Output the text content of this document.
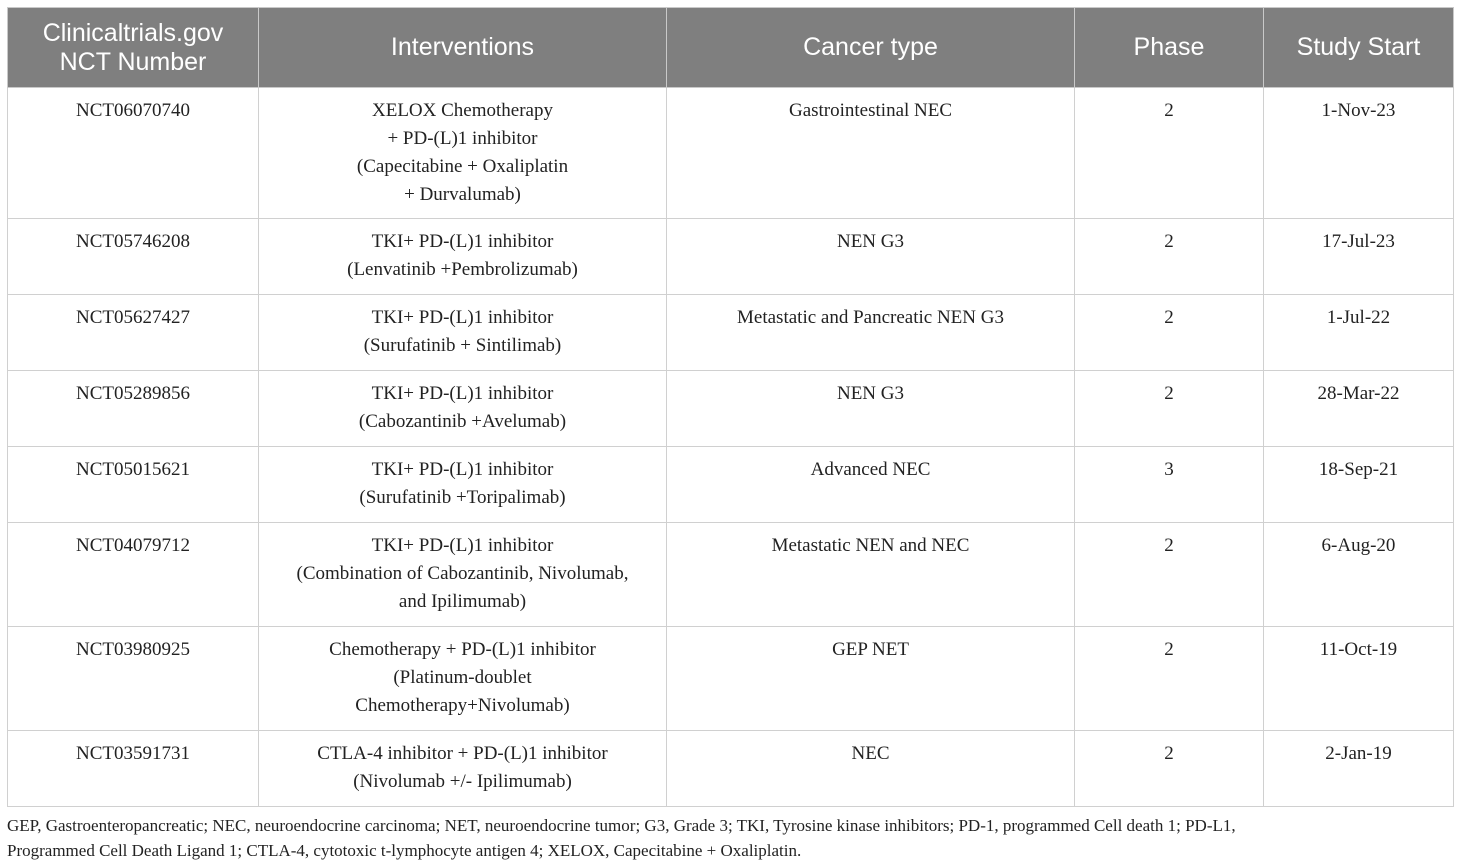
Clinicaltrials.gov
NCT Number	Interventions	Cancer type	Phase	Study Start
NCT06070740	XELOX Chemotherapy
+ PD-(L)1 inhibitor
(Capecitabine + Oxaliplatin
+ Durvalumab)	Gastrointestinal NEC	2	1-Nov-23
NCT05746208	TKI+ PD-(L)1 inhibitor
(Lenvatinib +Pembrolizumab)	NEN G3	2	17-Jul-23
NCT05627427	TKI+ PD-(L)1 inhibitor
(Surufatinib + Sintilimab)	Metastatic and Pancreatic NEN G3	2	1-Jul-22
NCT05289856	TKI+ PD-(L)1 inhibitor
(Cabozantinib +Avelumab)	NEN G3	2	28-Mar-22
NCT05015621	TKI+ PD-(L)1 inhibitor
(Surufatinib +Toripalimab)	Advanced NEC	3	18-Sep-21
NCT04079712	TKI+ PD-(L)1 inhibitor
(Combination of Cabozantinib, Nivolumab,
and Ipilimumab)	Metastatic NEN and NEC	2	6-Aug-20
NCT03980925	Chemotherapy + PD-(L)1 inhibitor
(Platinum-doublet
Chemotherapy+Nivolumab)	GEP NET	2	11-Oct-19
NCT03591731	CTLA-4 inhibitor + PD-(L)1 inhibitor
(Nivolumab +/- Ipilimumab)	NEC	2	2-Jan-19
GEP, Gastroenteropancreatic; NEC, neuroendocrine carcinoma; NET, neuroendocrine tumor; G3, Grade 3; TKI, Tyrosine kinase inhibitors; PD-1, programmed Cell death 1; PD-L1,
Programmed Cell Death Ligand 1; CTLA-4, cytotoxic t-lymphocyte antigen 4; XELOX, Capecitabine + Oxaliplatin.
